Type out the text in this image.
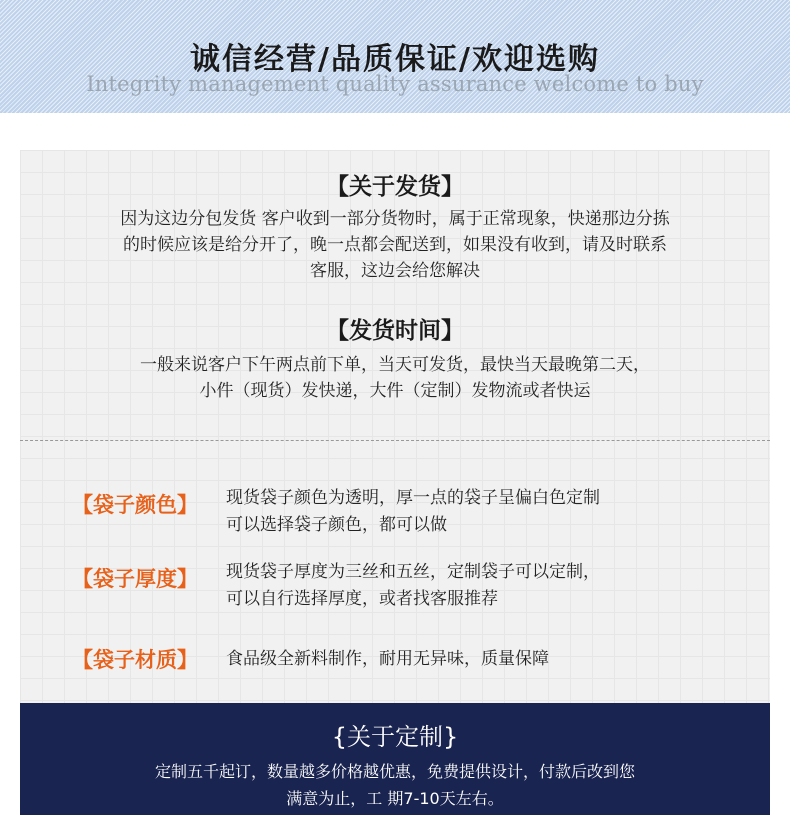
诚信经营/品质保证/欢迎选购
Integrity management quality assurance welcome to buy
【关于发货】
因为这边分包发货 客户收到一部分货物时，属于正常现象，快递那边分拣
的时候应该是给分开了，晚一点都会配送到，如果没有收到，请及时联系
客服，这边会给您解决
【发货时间】
一般来说客户下午两点前下单，当天可发货，最快当天最晚第二天，
小件（现货）发快递，大件（定制）发物流或者快运
【袋子颜色】 现货袋子颜色为透明，厚一点的袋子呈偏白色定制
可以选择袋子颜色，都可以做
【袋子厚度】 现货袋子厚度为三丝和五丝，定制袋子可以定制，
可以自行选择厚度，或者找客服推荐
【袋子材质】 食品级全新料制作，耐用无异味，质量保障
{关于定制}
定制五千起订，数量越多价格越优惠，免费提供设计，付款后改到您
满意为止，工 期7-10天左右。
